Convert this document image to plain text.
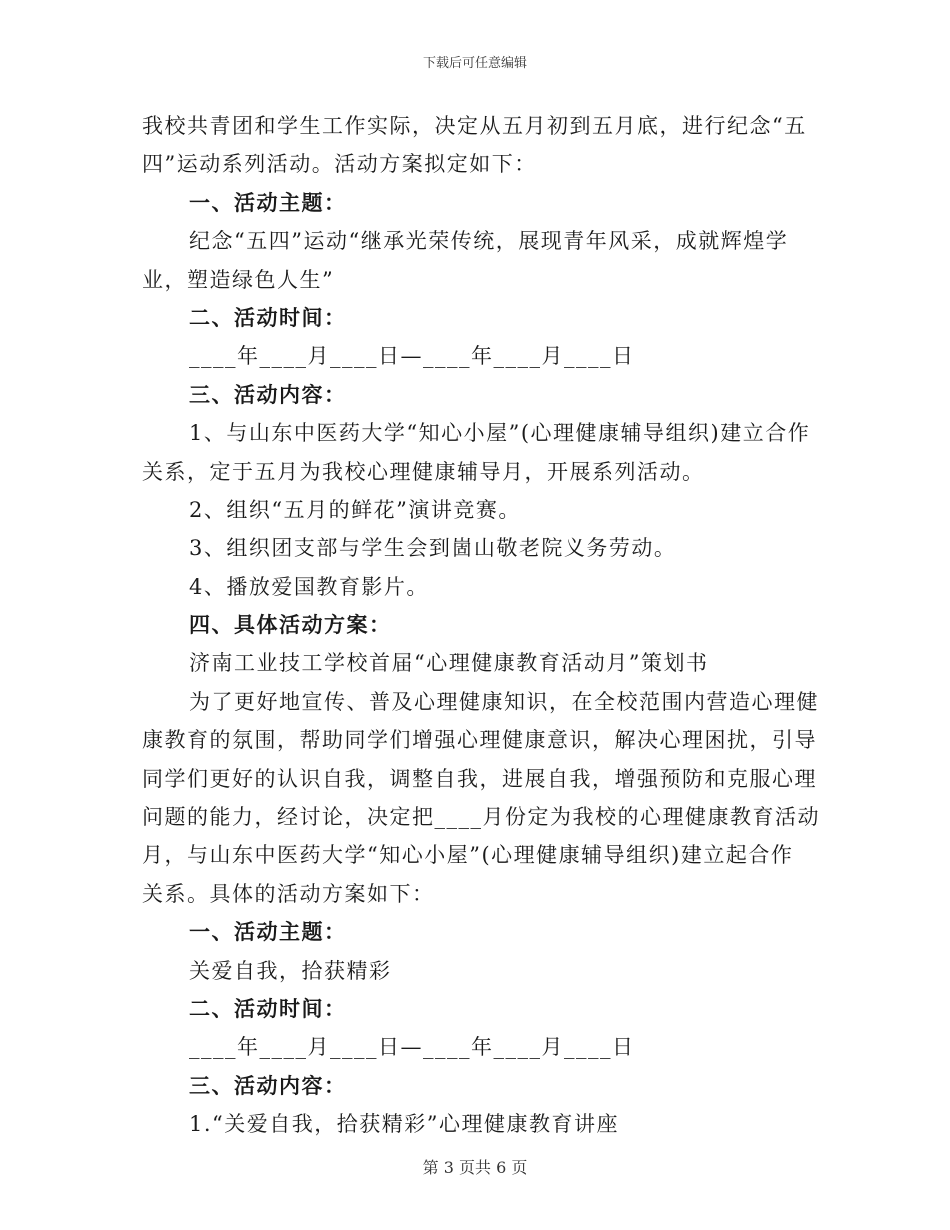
下载后可任意编辑
我校共青团和学生工作实际，决定从五月初到五月底，进行纪念“五
四”运动系列活动。活动方案拟定如下：
一、活动主题：
纪念“五四”运动“继承光荣传统，展现青年风采，成就辉煌学
业，塑造绿色人生”
二、活动时间：
____年____月____日—____年____月____日
三、活动内容：
1、与山东中医药大学“知心小屋”(心理健康辅导组织)建立合作
关系，定于五月为我校心理健康辅导月，开展系列活动。
2、组织“五月的鲜花”演讲竞赛。
3、组织团支部与学生会到崮山敬老院义务劳动。
4、播放爱国教育影片。
四、具体活动方案：
济南工业技工学校首届“心理健康教育活动月”策划书
为了更好地宣传、普及心理健康知识，在全校范围内营造心理健
康教育的氛围，帮助同学们增强心理健康意识，解决心理困扰，引导
同学们更好的认识自我，调整自我，进展自我，增强预防和克服心理
问题的能力，经讨论，决定把____月份定为我校的心理健康教育活动
月，与山东中医药大学“知心小屋”(心理健康辅导组织)建立起合作
关系。具体的活动方案如下：
一、活动主题：
关爱自我，拾获精彩
二、活动时间：
____年____月____日—____年____月____日
三、活动内容：
1.“关爱自我，拾获精彩”心理健康教育讲座
第 3 页共 6 页
